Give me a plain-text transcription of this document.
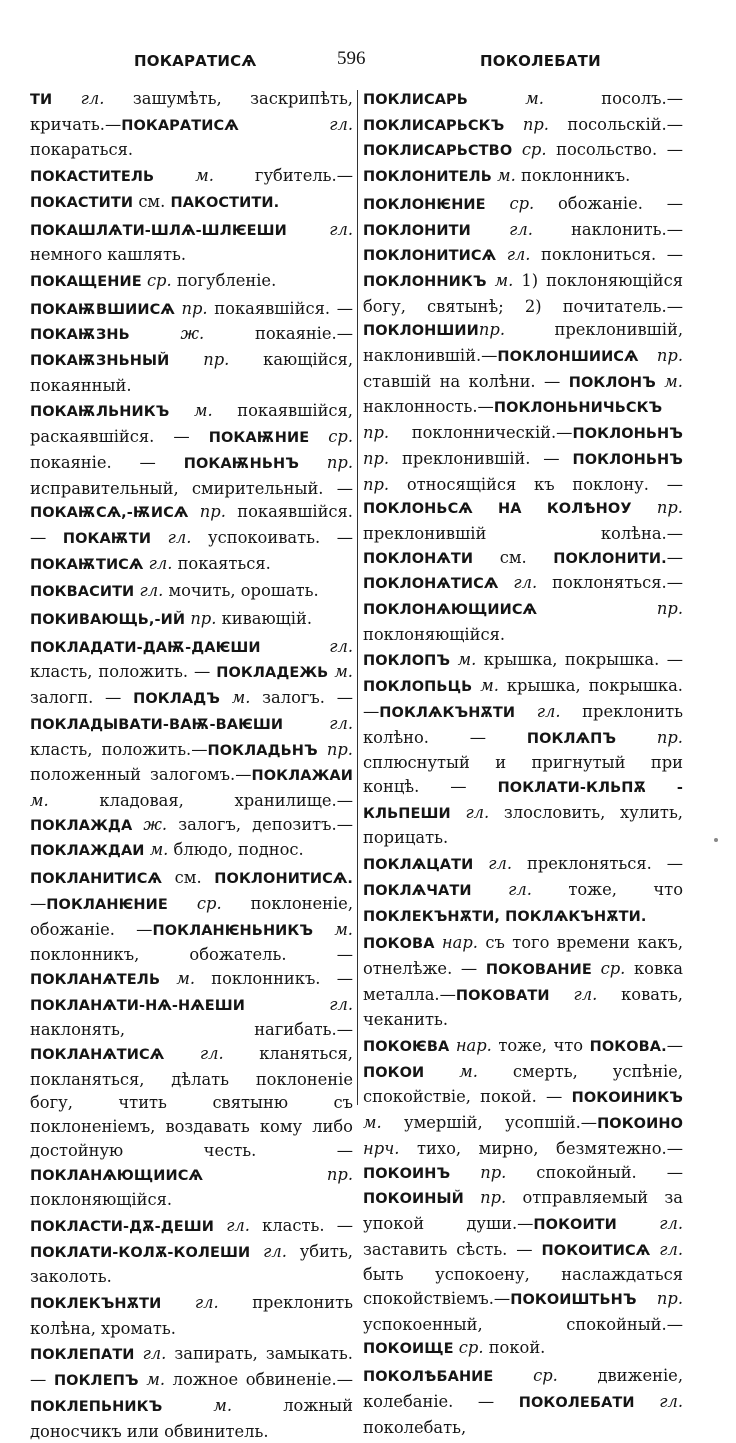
ПОКАРАТИСѦ	596	ПОКОЛЕБАТИ
ТИ гл. зашумѣть, заскрипѣть, кричать.—ПОКАРАТИСѦ	гл. покараться.
ПОКАСТИТЕЛЬ	м. губитель.—ПОКАСТИТИ см. ПАКОСТИТИ.
ПОКАШЛѦТИ-ШЛѦ-ШЛѤЕШИ	гл. немного кашлять.
ПОКАЩЕНИЕ ср. погубленіе.
ПОКАѬВШИИСѦ пр. покаявшійся. — ПОКАѬЗНЬ	ж. покаяніе.—ПОКАѬЗНЬНЫЙ пр. кающійся, покаянный.
ПОКАѬЛЬНИКЪ м. покаявшійся, раскаявшійся. — ПОКАѬНИЕ ср. покаяніе. — ПОКАѬНЬНЪ пр. исправительный, смирительный. — ПОКАѬСѦ,-ѬИСѦ пр. покаявшійся. — ПОКАѬТИ гл. успокоивать. — ПОКАѬТИСѦ гл. покаяться.
ПОКВАСИТИ гл. мочить, орошать.
ПОКИВАЮЩЬ,-ИЙ пр. кивающій.
ПОКЛАДАТИ-ДАѬ-ДАѤШИ	гл. класть, положить. — ПОКЛАДЕЖЬ м. залогп. — ПОКЛАДЪ м. залогъ. — ПОКЛАДЫВАТИ-ВАѬ-ВАѤШИ	гл. класть, положить.—ПОКЛАДЬНЪ пр. положенный залогомъ.—ПОКЛАЖАИ м. кладовая, хранилище.—ПОКЛАЖДА ж. залогъ, депозитъ.—ПОКЛАЖДАИ м. блюдо, поднос.
ПОКЛАНИТИСѦ см. ПОКЛОНИТИСѦ.—ПОКЛАНѤНИЕ ср. поклоненіе, обожаніе. —ПОКЛАНѤНЬНИКЪ м. поклонникъ, обожатель. — ПОКЛАНѦТЕЛЬ м. поклонникъ. — ПОКЛАНѦТИ-НѦ-НѦЕШИ	гл. наклонять, нагибать.—ПОКЛАНѦТИСѦ гл. кланяться, покланяться, дѣлать поклоненіе богу, чтить святыню съ поклоненіемъ, воздавать кому либо достойную честь. — ПОКЛАНѦЮЩИИСѦ	пр. поклоняющійся.
ПОКЛАСТИ-ДѪ-ДЕШИ гл. класть. — ПОКЛАТИ-КОЛѪ-КОЛЕШИ гл. убить, заколоть.
ПОКЛЕКЪНѪТИ гл. преклонить колѣна, хромать.
ПОКЛЕПАТИ гл. запирать, замыкать.— ПОКЛЕПЪ м. ложное обвиненіе.—ПОКЛЕПЬНИКЪ	м. ложный доносчикъ или обвинитель.
ПОКЛИСАРЬ	м. посолъ.—ПОКЛИСАРЬСКЪ пр. посольскій.—ПОКЛИСАРЬСТВО ср. посольство. — ПОКЛОНИТЕЛЬ м. поклонникъ.
ПОКЛОНѤНИЕ ср. обожаніе. — ПОКЛОНИТИ гл. наклонить.—ПОКЛОНИТИСѦ гл. поклониться. — ПОКЛОННИКЪ м. 1) поклоняющійся богу, святынѣ; 2) почитатель.—ПОКЛОНШИИпр. преклонившій, наклонившій.—ПОКЛОНШИИСѦ пр. ставшій на колѣни. — ПОКЛОНЪ м. наклонность.—ПОКЛОНЬНИЧЬСКЪ пр. поклонническій.—ПОКЛОНЬНЪ пр. преклонившій. — ПОКЛОНЬНЪ пр. относящійся къ поклону. — ПОКЛОНЬСѦ НА КОЛѢНОУ пр. преклонившій колѣна.—ПОКЛОНѦТИ см. ПОКЛОНИТИ.—ПОКЛОНѦТИСѦ гл. поклоняться.—ПОКЛОНѦЮЩИИСѦ	пр. поклоняющійся.
ПОКЛОПЪ м. крышка, покрышка. — ПОКЛОПЬЦЬ м. крышка, покрышка. —ПОКЛѦКЪНѪТИ гл. преклонить колѣно. — ПОКЛѦПЪ	пр. сплюснутый и пригнутый при концѣ. — ПОКЛАТИ-КЛЬПѪ - КЛЬПЕШИ гл. злословить, хулить, порицать.
ПОКЛѦЦАТИ гл. преклоняться. — ПОКЛѦЧАТИ гл. тоже, что ПОКЛЕКЪНѪТИ, ПОКЛѦКЪНѪТИ.
ПОКОВА нар. съ того времени какъ, отнелѣже. — ПОКОВАНИЕ ср. ковка металла.—ПОКОВАТИ гл. ковать, чеканить.
ПОКОѤВА нар. тоже, что ПОКОВА.—ПОКОИ м. смерть, успѣніе, спокойствіе, покой. — ПОКОИНИКЪ м. умершій, усопшій.—ПОКОИНО нрч. тихо, мирно, безмятежно.—ПОКОИНЪ пр. спокойный. — ПОКОИНЫЙ пр. отправляемый за упокой души.—ПОКОИТИ	гл. заставить сѣсть. — ПОКОИТИСѦ гл. быть успокоену, наслаждаться спокойствіемъ.—ПОКОИШТЬНЪ пр. успокоенный, спокойный.—ПОКОИЩЕ ср. покой.
ПОКОЛѢБАНИЕ ср. движеніе, колебаніе. — ПОКОЛЕБАТИ гл. поколебать,
